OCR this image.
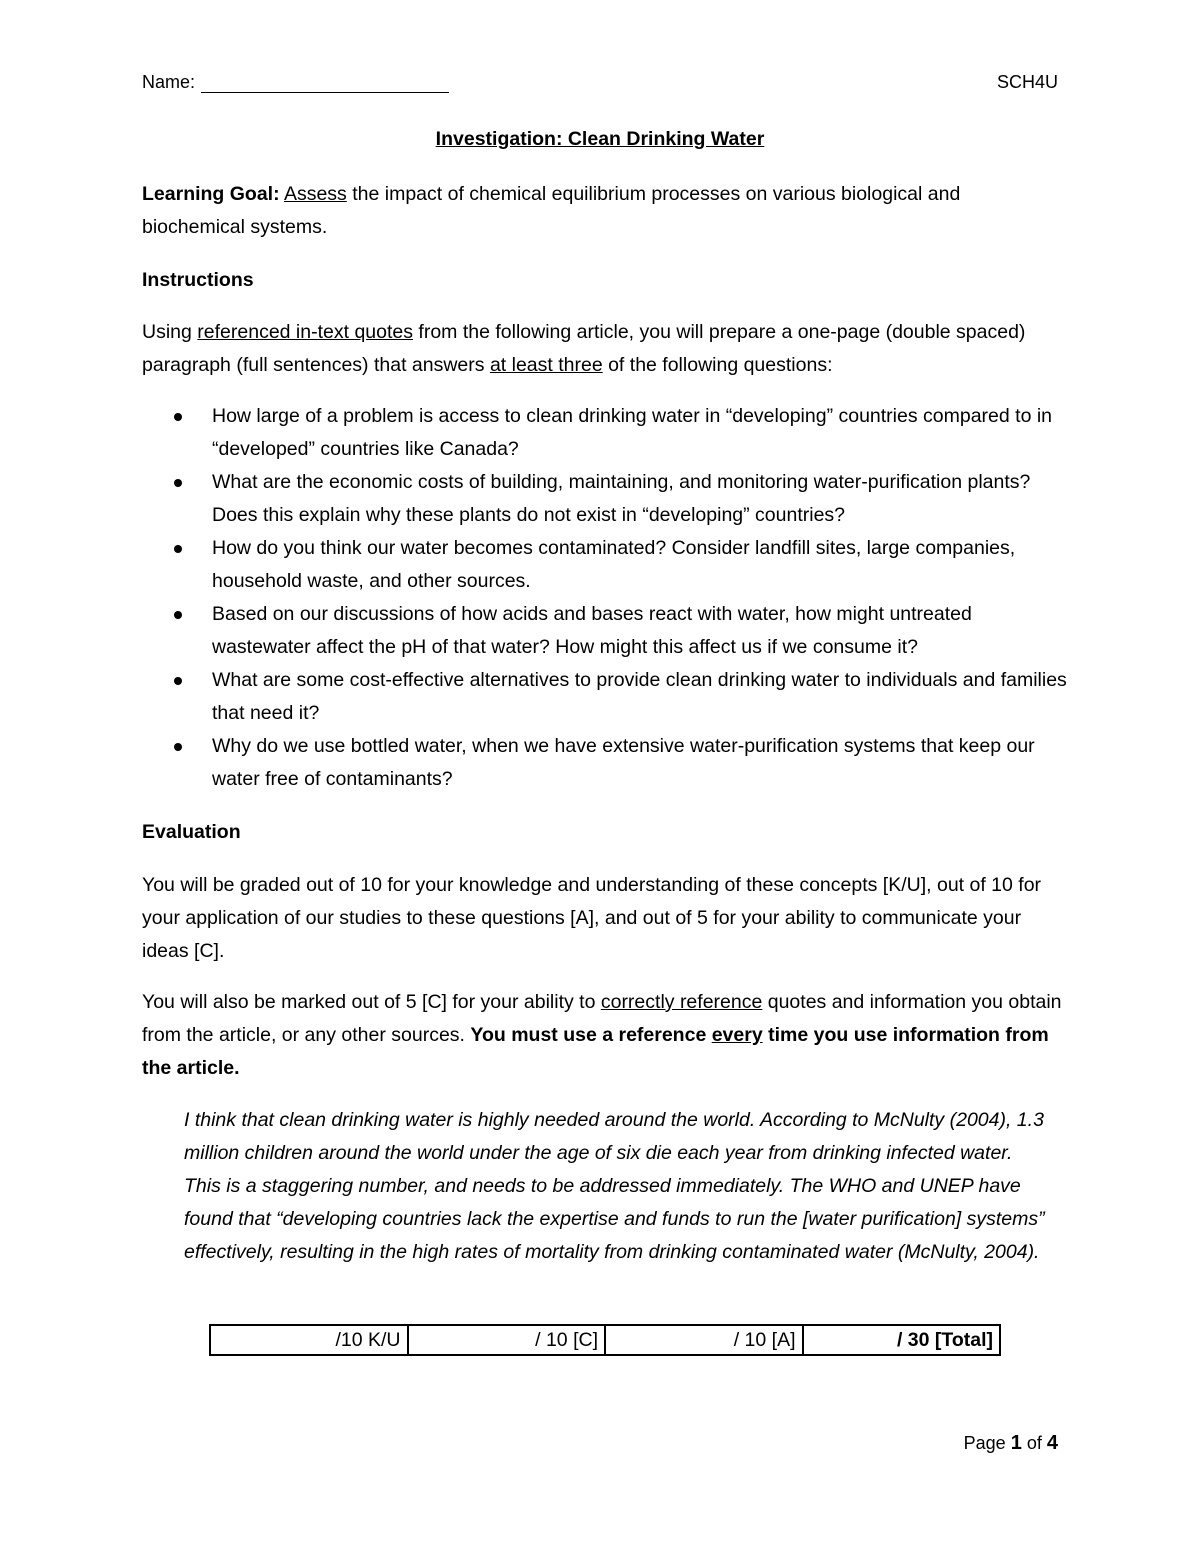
Name:	SCH4U
Investigation: Clean Drinking Water
Learning Goal: Assess the impact of chemical equilibrium processes on various biological and biochemical systems.
Instructions
Using referenced in-text quotes from the following article, you will prepare a one-page (double spaced) paragraph (full sentences) that answers at least three of the following questions:
How large of a problem is access to clean drinking water in “developing” countries compared to in “developed” countries like Canada?
What are the economic costs of building, maintaining, and monitoring water-purification plants? Does this explain why these plants do not exist in “developing” countries?
How do you think our water becomes contaminated? Consider landfill sites, large companies, household waste, and other sources.
Based on our discussions of how acids and bases react with water, how might untreated wastewater affect the pH of that water? How might this affect us if we consume it?
What are some cost-effective alternatives to provide clean drinking water to individuals and families that need it?
Why do we use bottled water, when we have extensive water-purification systems that keep our water free of contaminants?
Evaluation
You will be graded out of 10 for your knowledge and understanding of these concepts [K/U], out of 10 for your application of our studies to these questions [A], and out of 5 for your ability to communicate your ideas [C].
You will also be marked out of 5 [C] for your ability to correctly reference quotes and information you obtain from the article, or any other sources. You must use a reference every time you use information from the article.
I think that clean drinking water is highly needed around the world. According to McNulty (2004), 1.3 million children around the world under the age of six die each year from drinking infected water. This is a staggering number, and needs to be addressed immediately. The WHO and UNEP have found that “developing countries lack the expertise and funds to run the [water purification] systems” effectively, resulting in the high rates of mortality from drinking contaminated water (McNulty, 2004).
/10 K/U	/ 10 [C]	/ 10 [A]	/ 30 [Total]
Page 1 of 4
